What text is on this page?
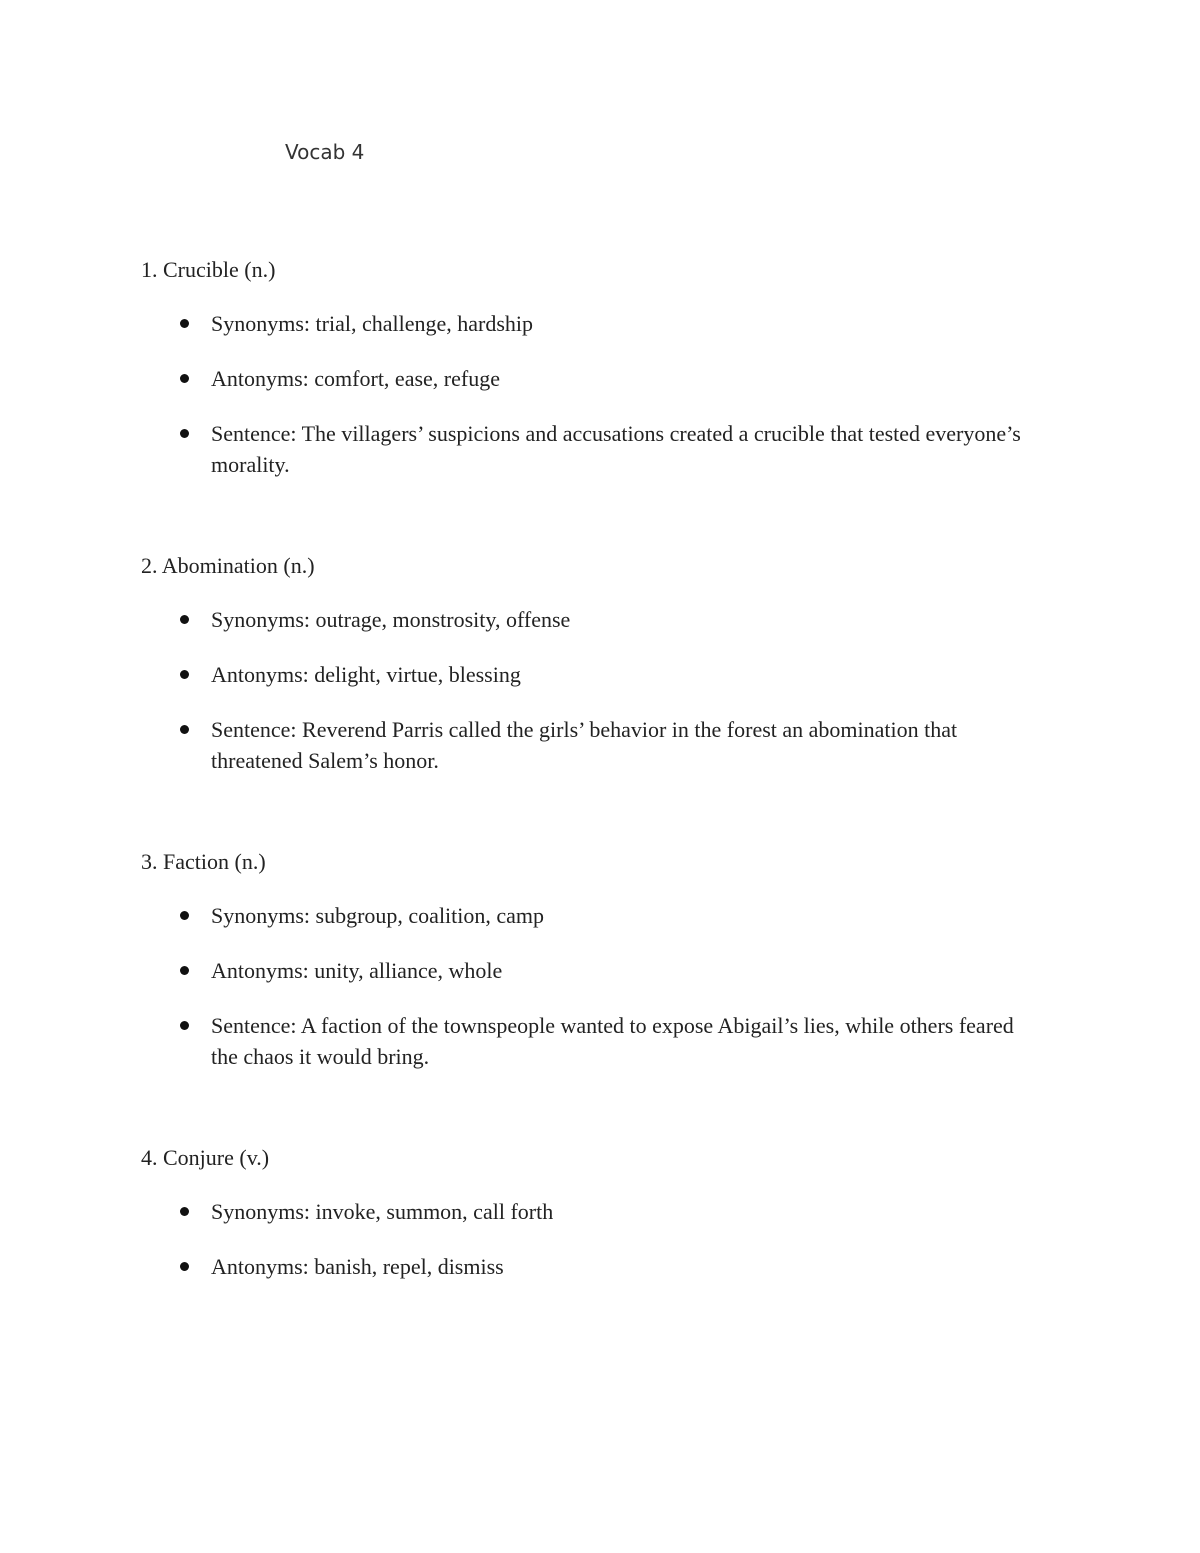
Vocab 4
1. Crucible (n.)
Synonyms: trial, challenge, hardship
Antonyms: comfort, ease, refuge
Sentence: The villagers’ suspicions and accusations created a crucible that tested everyone’s morality.
2. Abomination (n.)
Synonyms: outrage, monstrosity, offense
Antonyms: delight, virtue, blessing
Sentence: Reverend Parris called the girls’ behavior in the forest an abomination that threatened Salem’s honor.
3. Faction (n.)
Synonyms: subgroup, coalition, camp
Antonyms: unity, alliance, whole
Sentence: A faction of the townspeople wanted to expose Abigail’s lies, while others feared the chaos it would bring.
4. Conjure (v.)
Synonyms: invoke, summon, call forth
Antonyms: banish, repel, dismiss
